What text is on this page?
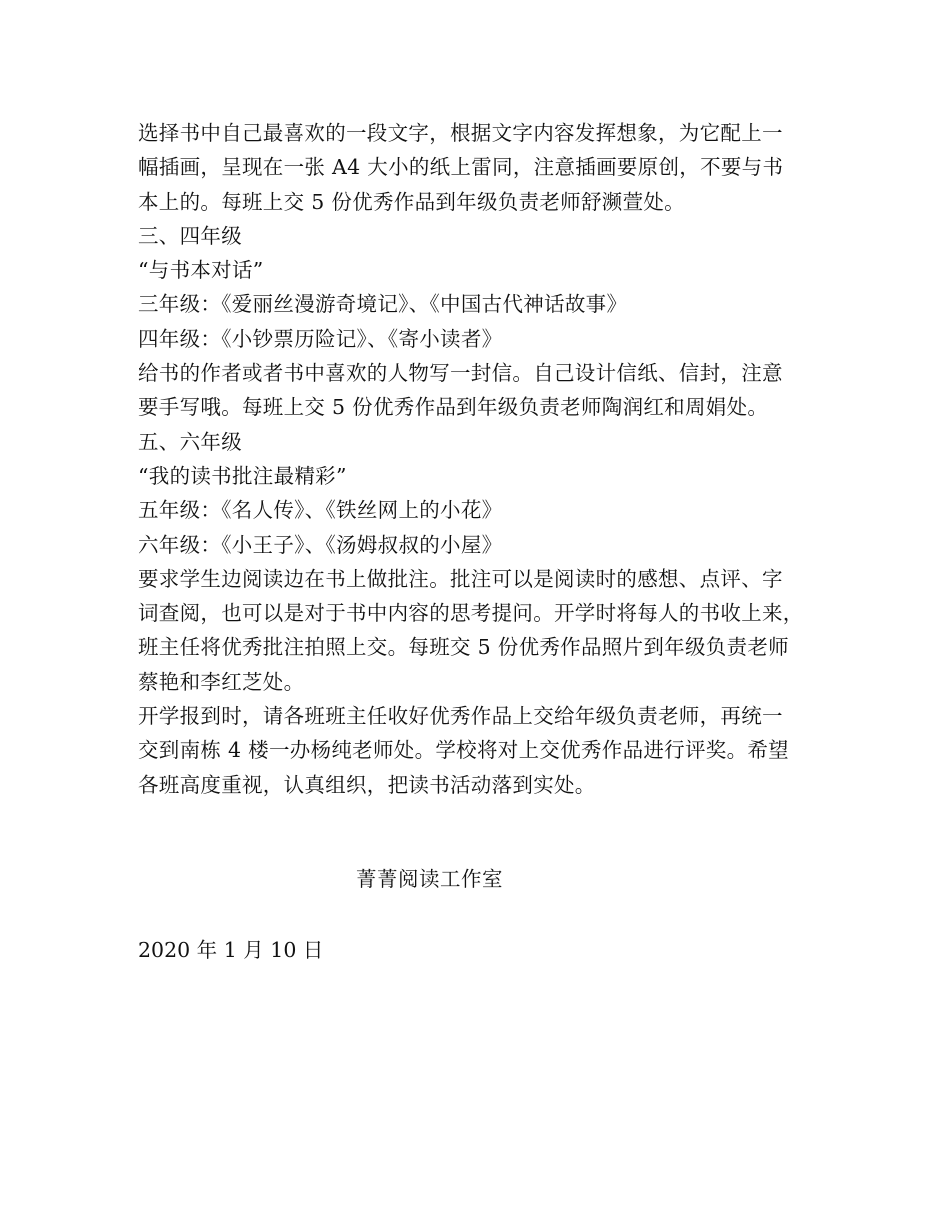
选择书中自己最喜欢的一段文字，根据文字内容发挥想象，为它配上一
幅插画，呈现在一张 A4 大小的纸上雷同，注意插画要原创，不要与书
本上的。每班上交 5 份优秀作品到年级负责老师舒濒萱处。
三、四年级
“与书本对话”
三年级：《爱丽丝漫游奇境记》、《中国古代神话故事》
四年级：《小钞票历险记》、《寄小读者》
给书的作者或者书中喜欢的人物写一封信。自己设计信纸、信封，注意
要手写哦。每班上交 5 份优秀作品到年级负责老师陶润红和周娟处。
五、六年级
“我的读书批注最精彩”
五年级：《名人传》、《铁丝网上的小花》
六年级：《小王子》、《汤姆叔叔的小屋》
要求学生边阅读边在书上做批注。批注可以是阅读时的感想、点评、字
词查阅，也可以是对于书中内容的思考提问。开学时将每人的书收上来，
班主任将优秀批注拍照上交。每班交 5 份优秀作品照片到年级负责老师
蔡艳和李红芝处。
开学报到时，请各班班主任收好优秀作品上交给年级负责老师，再统一
交到南栋 4 楼一办杨纯老师处。学校将对上交优秀作品进行评奖。希望
各班高度重视，认真组织，把读书活动落到实处。
菁菁阅读工作室
2020 年 1 月 10 日
